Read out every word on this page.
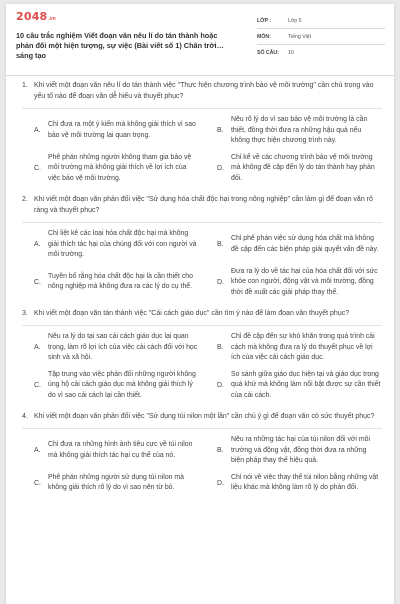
2048 .vn
10 câu trắc nghiệm Viết đoạn văn nêu lí do tán thành hoặc phản đối một hiện tượng, sự việc (Bài viết số 1) Chân trời sáng tạo
LỚP :	Lớp 5
MÔN:	Tiếng Việt
SỐ CÂU:	10
1. Khi viết một đoạn văn nêu lí do tán thành việc "Thực hiện chương trình bảo vệ môi trường" cần chú trọng vào yếu tố nào để đoạn văn dễ hiểu và thuyết phục?
A.
Chỉ đưa ra một ý kiến mà không giải thích vì sao bảo vệ môi trường lại quan trọng.
B.
Nêu rõ lý do vì sao bảo vệ môi trường là cần thiết, đồng thời đưa ra những hậu quả nếu không thực hiện chương trình này.
C.
Phê phán những người không tham gia bảo vệ môi trường mà không giải thích về lợi ích của việc bảo vệ môi trường.
D.
Chỉ kể về các chương trình bảo vệ môi trường mà không đề cập đến lý do tán thành hay phản đối.
2. Khi viết một đoạn văn phản đối việc "Sử dụng hóa chất độc hại trong nông nghiệp" cần làm gì để đoạn văn rõ ràng và thuyết phục?
A.
Chỉ liệt kê các loại hóa chất độc hại mà không giải thích tác hại của chúng đối với con người và môi trường.
B.
Chỉ phê phán việc sử dụng hóa chất mà không đề cập đến các biện pháp giải quyết vấn đề này.
C.
Tuyên bố rằng hóa chất độc hại là cần thiết cho nông nghiệp mà không đưa ra các lý do cụ thể.
D.
Đưa ra lý do về tác hại của hóa chất đối với sức khỏe con người, động vật và môi trường, đồng thời đề xuất các giải pháp thay thế.
3. Khi viết một đoạn văn tán thành việc "Cải cách giáo dục" cần tìm ý nào để làm đoạn văn thuyết phục?
A.
Nêu ra lý do tại sao cải cách giáo dục lại quan trọng, làm rõ lợi ích của việc cải cách đối với học sinh và xã hội.
B.
Chỉ đề cập đến sự khó khăn trong quá trình cải cách mà không đưa ra lý do thuyết phục về lợi ích của việc cải cách giáo dục.
C.
Tập trung vào việc phản đối những người không ủng hộ cải cách giáo dục mà không giải thích lý do vì sao cải cách lại cần thiết.
D.
So sánh giữa giáo dục hiện tại và giáo dục trong quá khứ mà không làm nổi bật được sự cần thiết của cải cách.
4. Khi viết một đoạn văn phản đối việc "Sử dụng túi nilon một lần" cần chú ý gì để đoạn văn có sức thuyết phục?
A.
Chỉ đưa ra những hình ảnh tiêu cực về túi nilon mà không giải thích tác hại cụ thể của nó.
B.
Nêu ra những tác hại của túi nilon đối với môi trường và động vật, đồng thời đưa ra những biện pháp thay thế hiệu quả.
C.
Phê phán những người sử dụng túi nilon mà không giải thích rõ lý do vì sao nên từ bỏ.
D.
Chỉ nói về việc thay thế túi nilon bằng những vật liệu khác mà không làm rõ lý do phản đối.
